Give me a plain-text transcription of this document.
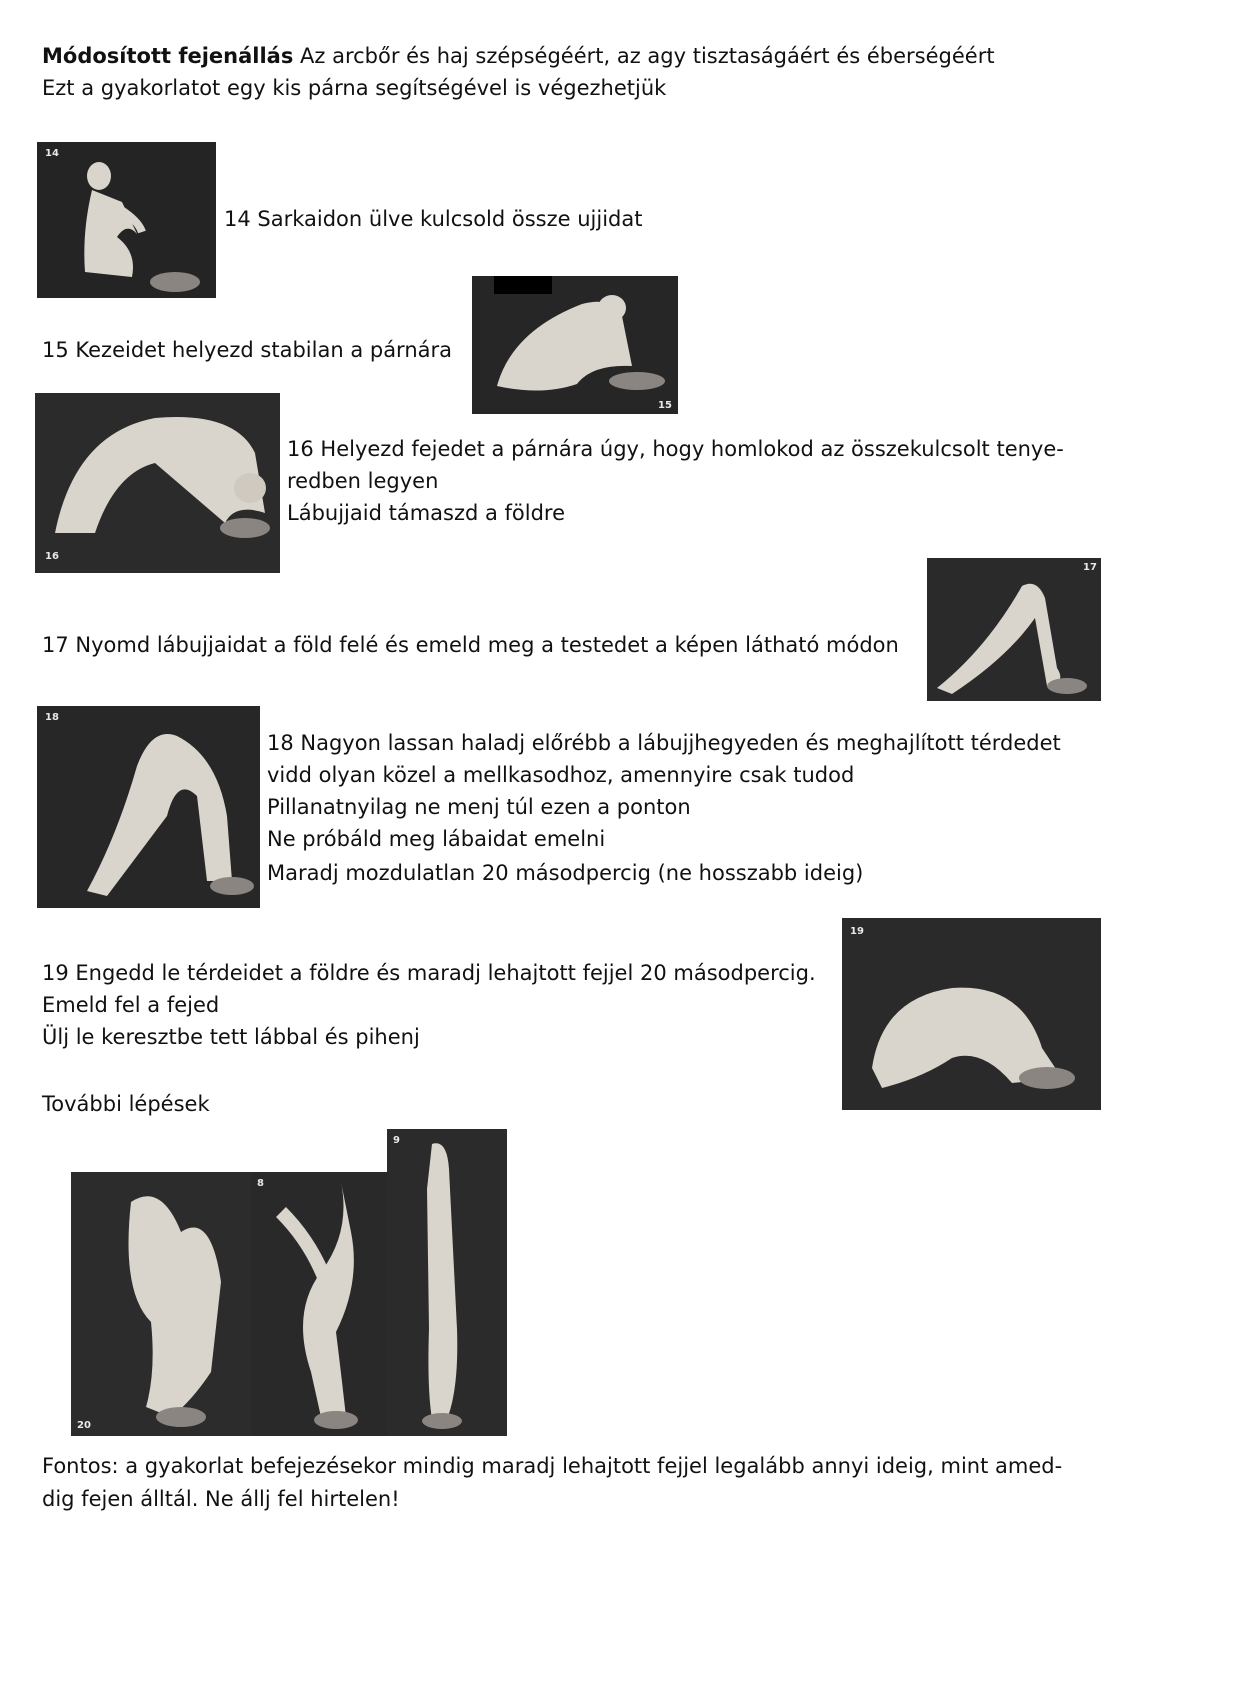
Módosított fejenállás Az arcbőr és haj szépségéért, az agy tisztaságáért és éberségéért
Ezt a gyakorlatot egy kis párna segítségével is végezhetjük
14
14 Sarkaidon ülve kulcsold össze ujjidat
15
15 Kezeidet helyezd stabilan a párnára
16
16 Helyezd fejedet a párnára úgy, hogy homlokod az összekulcsolt tenye-
redben legyen
Lábujjaid támaszd a földre
17
17 Nyomd lábujjaidat a föld felé és emeld meg a testedet a képen látható módon
18
18 Nagyon lassan haladj előrébb a lábujjhegyeden és meghajlított térdedet
vidd olyan közel a mellkasodhoz, amennyire csak tudod
Pillanatnyilag ne menj túl ezen a ponton
Ne próbáld meg lábaidat emelni
Maradj mozdulatlan 20 másodpercig (ne hosszabb ideig)
19
19 Engedd le térdeidet a földre és maradj lehajtott fejjel 20 másodpercig.
Emeld fel a fejed
Ülj le keresztbe tett lábbal és pihenj
További lépések
20
8
9
Fontos: a gyakorlat befejezésekor mindig maradj lehajtott fejjel legalább annyi ideig, mint amed-
dig fejen álltál. Ne állj fel hirtelen!
